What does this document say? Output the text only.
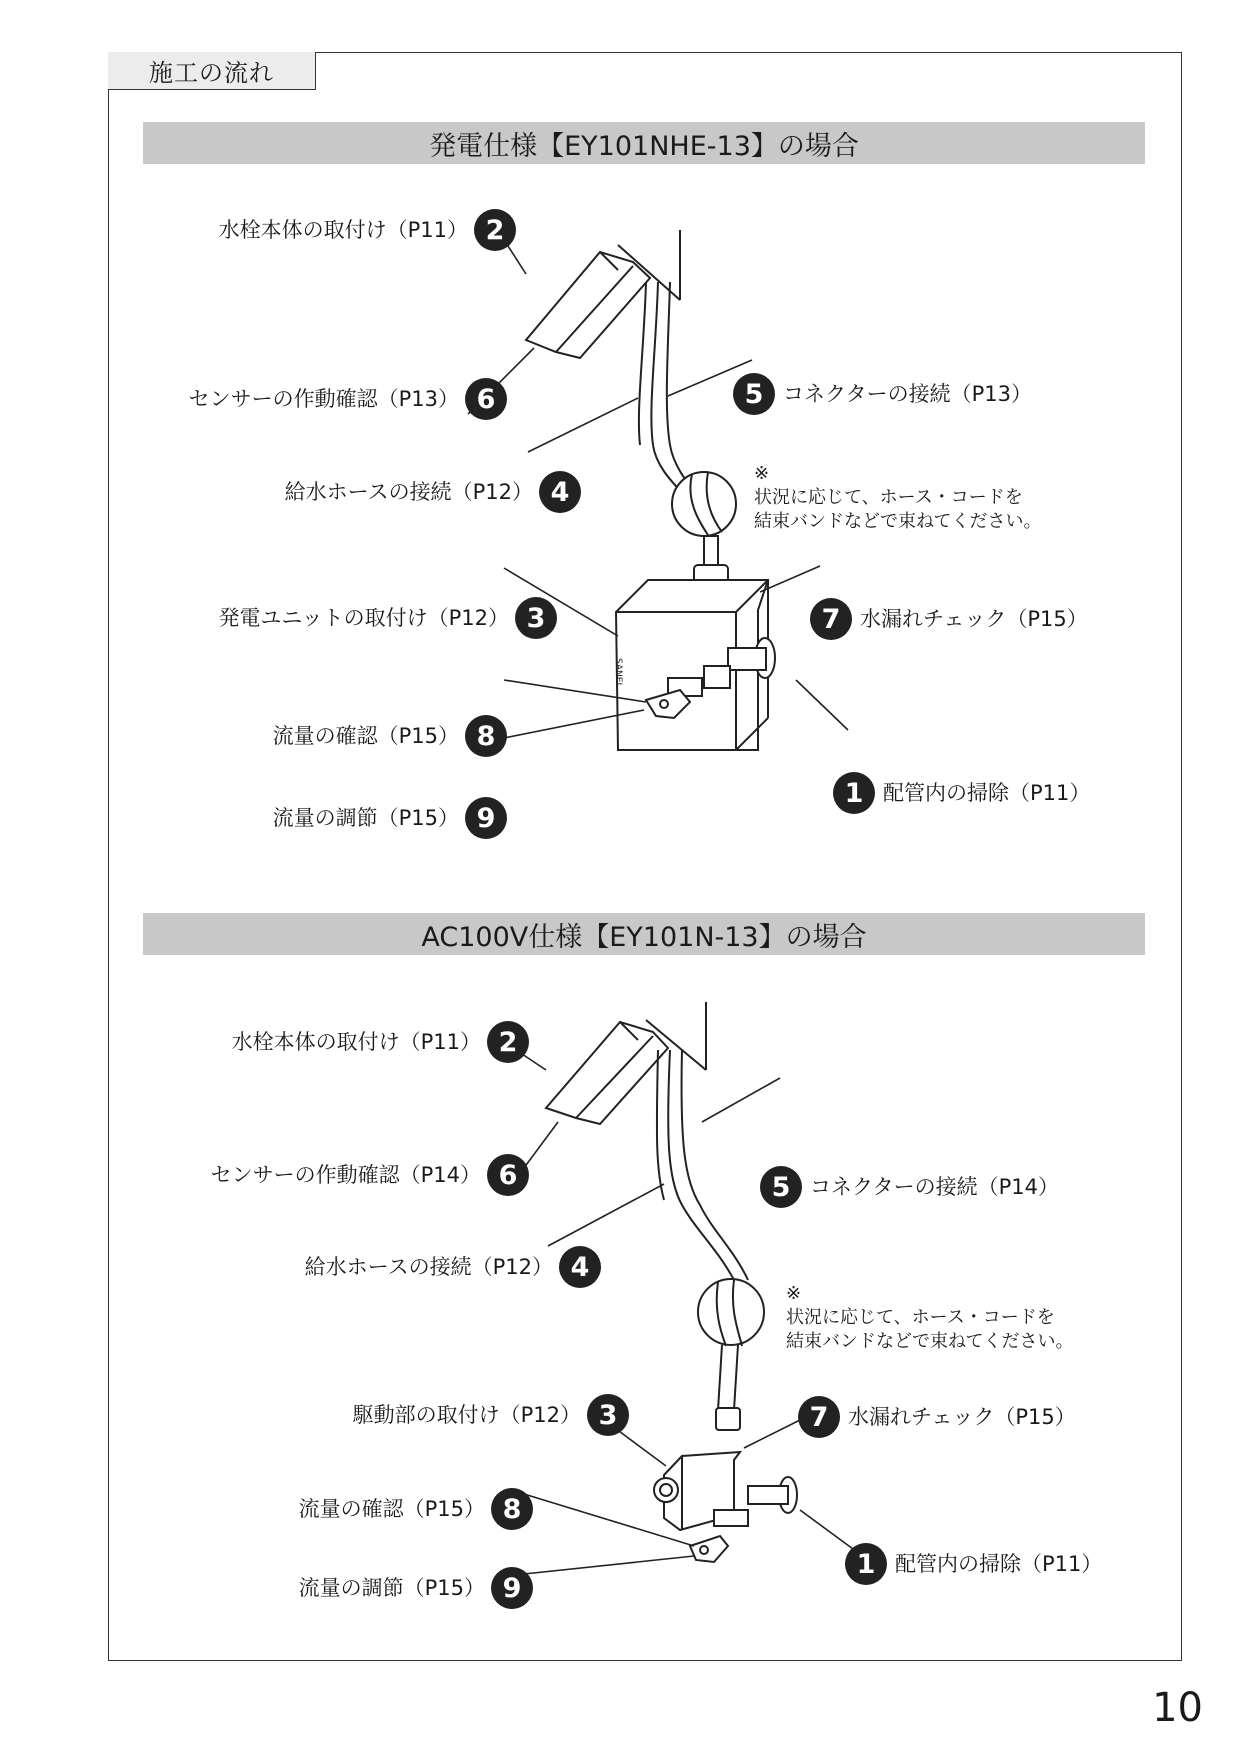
施工の流れ
発電仕様【EY101NHE-13】の場合
SANEI
水栓本体の取付け（P11） 2
センサーの作動確認（P13） 6	5 コネクターの接続（P13）
給水ホースの接続（P12） 4
※
状況に応じて、ホース・コードを
結束バンドなどで束ねてください。
発電ユニットの取付け（P12） 3	7 水漏れチェック（P15）
流量の確認（P15） 8
1 配管内の掃除（P11）
流量の調節（P15） 9
AC100V仕様【EY101N-13】の場合
水栓本体の取付け（P11） 2
センサーの作動確認（P14） 6	5 コネクターの接続（P14）
給水ホースの接続（P12） 4
※
状況に応じて、ホース・コードを
結束バンドなどで束ねてください。
駆動部の取付け（P12） 3	7 水漏れチェック（P15）
流量の確認（P15） 8
流量の調節（P15） 9
1 配管内の掃除（P11）
10
